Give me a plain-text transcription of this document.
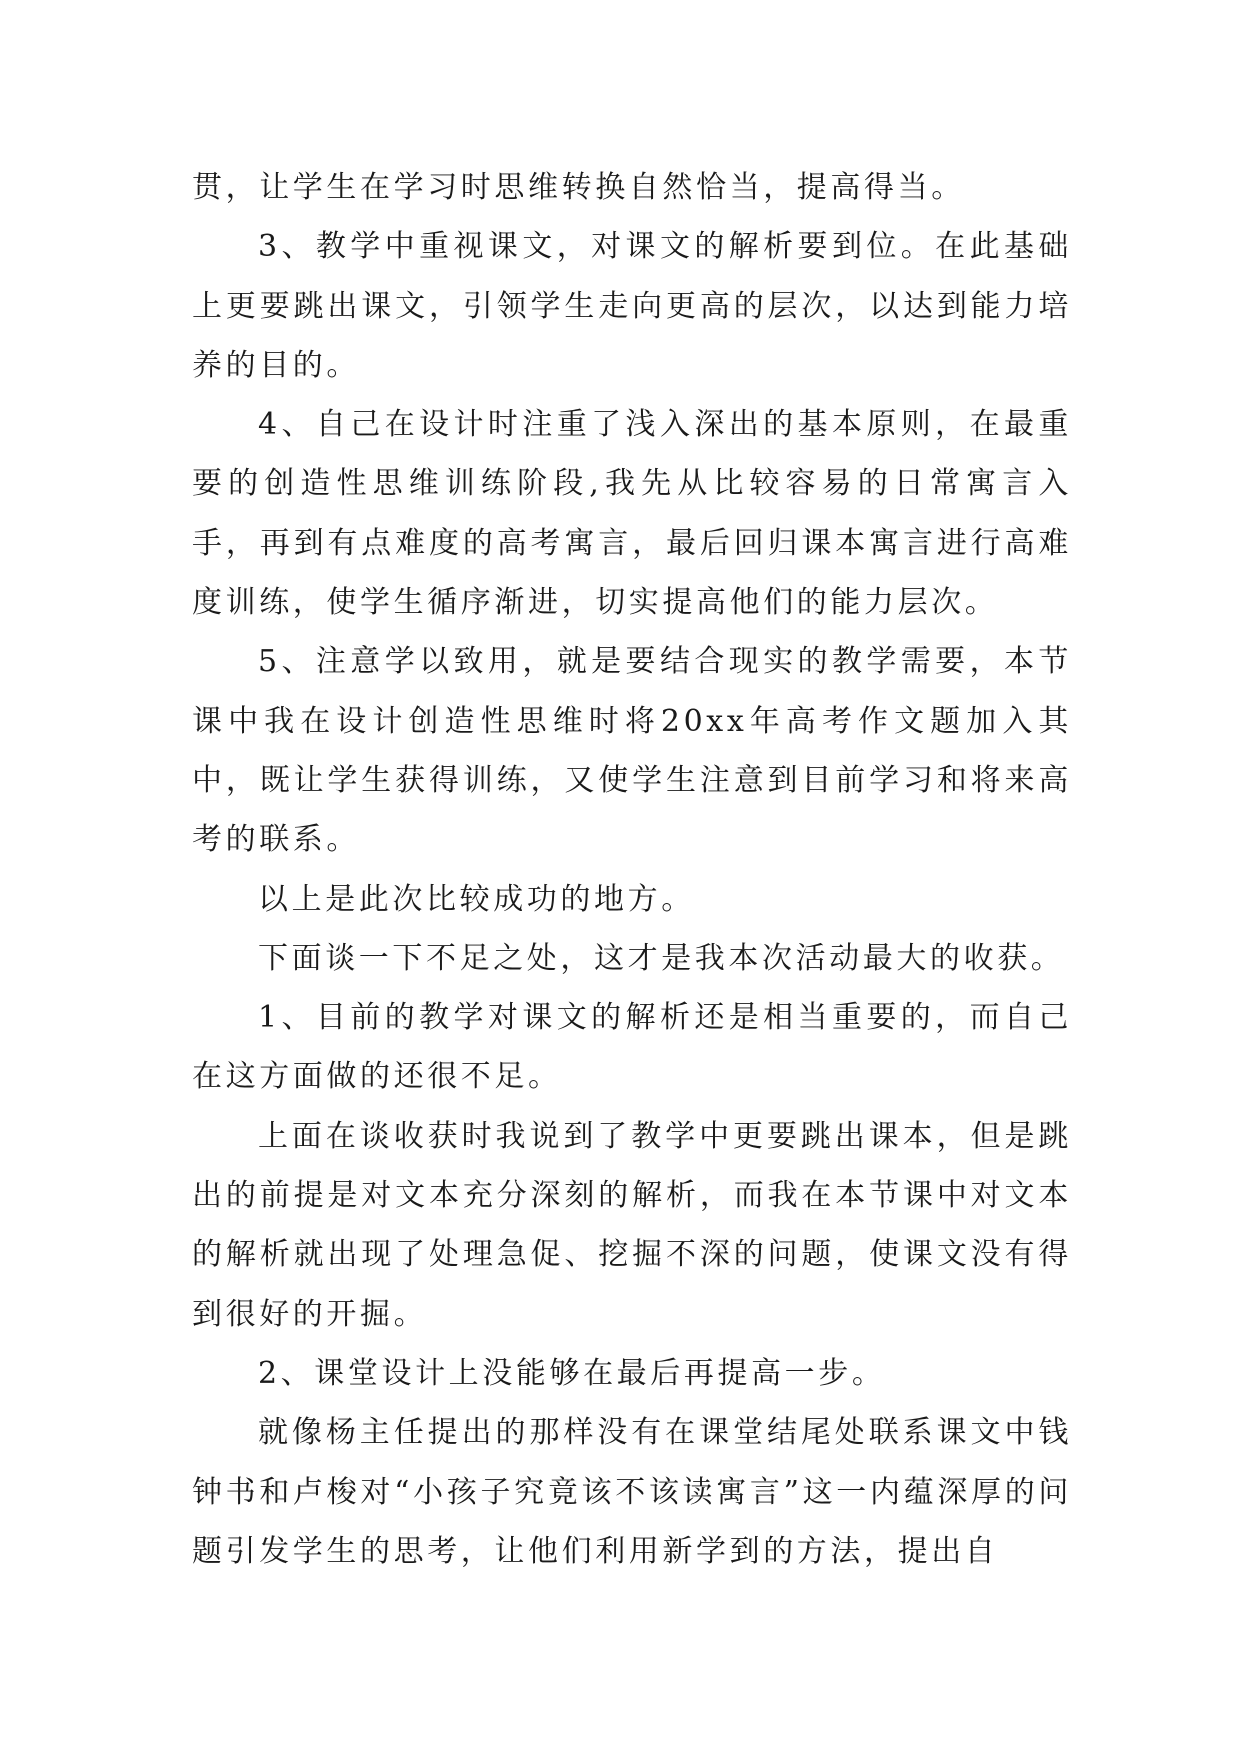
贯，让学生在学习时思维转换自然恰当，提高得当。

3、教学中重视课文，对课文的解析要到位。在此基础上更要跳出课文，引领学生走向更高的层次，以达到能力培养的目的。

4、自己在设计时注重了浅入深出的基本原则，在最重要的创造性思维训练阶段,我先从比较容易的日常寓言入手，再到有点难度的高考寓言，最后回归课本寓言进行高难度训练，使学生循序渐进，切实提高他们的能力层次。

5、注意学以致用，就是要结合现实的教学需要，本节课中我在设计创造性思维时将20xx年高考作文题加入其中，既让学生获得训练，又使学生注意到目前学习和将来高考的联系。

以上是此次比较成功的地方。

下面谈一下不足之处，这才是我本次活动最大的收获。

1、目前的教学对课文的解析还是相当重要的，而自己在这方面做的还很不足。

上面在谈收获时我说到了教学中更要跳出课本，但是跳出的前提是对文本充分深刻的解析，而我在本节课中对文本的解析就出现了处理急促、挖掘不深的问题，使课文没有得到很好的开掘。

2、课堂设计上没能够在最后再提高一步。

就像杨主任提出的那样没有在课堂结尾处联系课文中钱钟书和卢梭对“小孩子究竟该不该读寓言”这一内蕴深厚的问题引发学生的思考，让他们利用新学到的方法，提出自
